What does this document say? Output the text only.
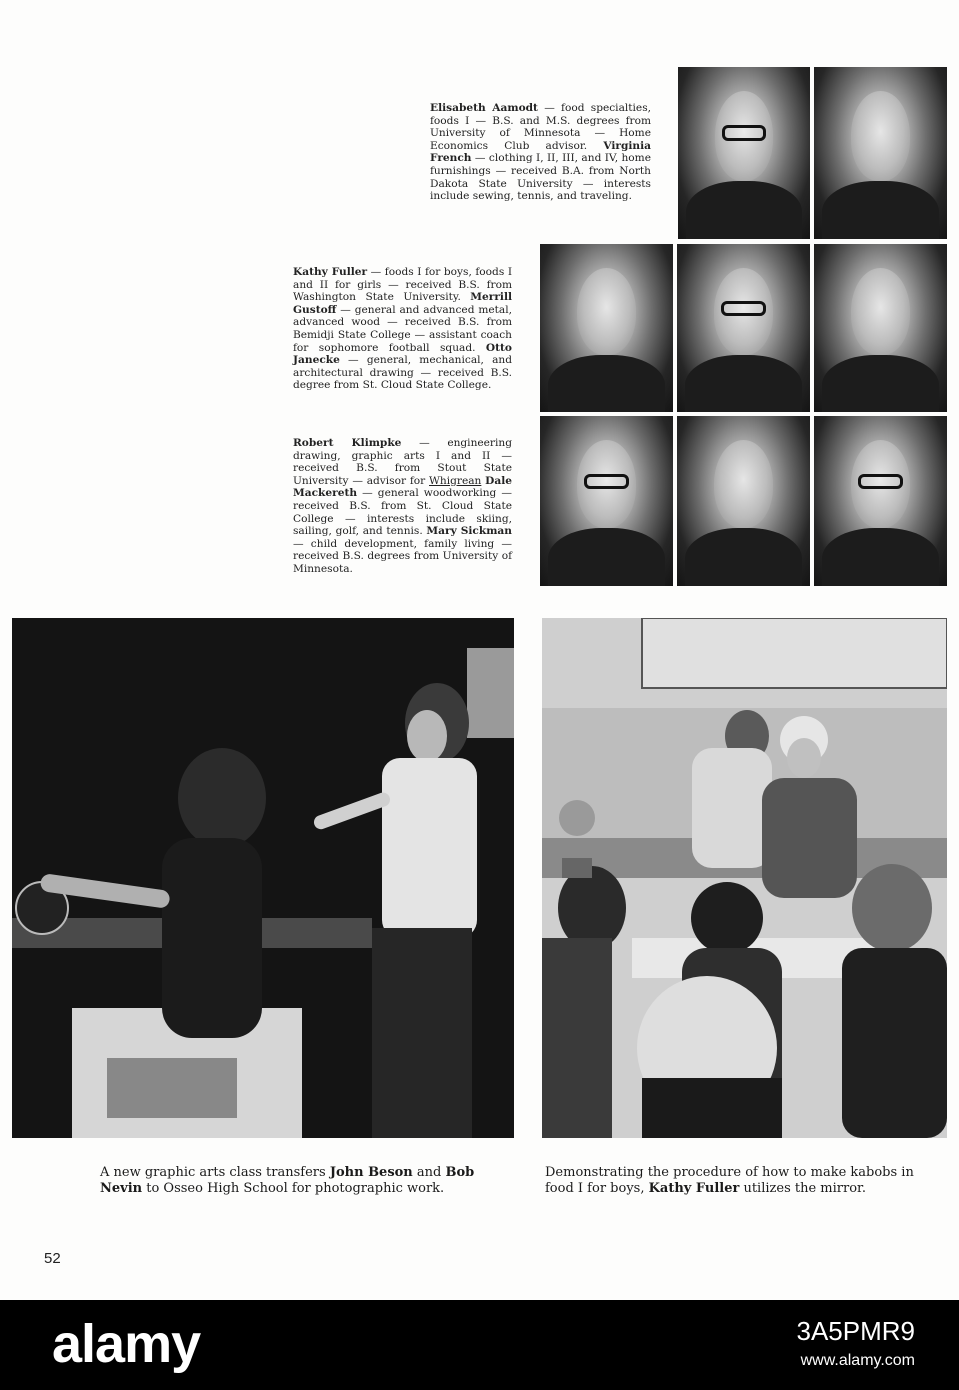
Elisabeth Aamodt — food specialties, foods I — B.S. and M.S. degrees from University of Minnesota — Home Economics Club advisor. Virginia French — clothing I, II, III, and IV, home furnishings — received B.A. from North Dakota State University — interests include sewing, tennis, and traveling.
Kathy Fuller — foods I for boys, foods I and II for girls — received B.S. from Washington State University. Merrill Gustoff — general and advanced metal, advanced wood — received B.S. from Bemidji State College — assistant coach for sophomore football squad. Otto Janecke — general, mechanical, and architectural drawing — received B.S. degree from St. Cloud State College.
Robert Klimpke — engineering drawing, graphic arts I and II — received B.S. from Stout State University — advisor for Whigrean Dale Mackereth — general woodworking — received B.S. from St. Cloud State College — interests include skiing, sailing, golf, and tennis. Mary Sickman — child development, family living — received B.S. degrees from University of Minnesota.
A new graphic arts class transfers John Beson and Bob Nevin to Osseo High School for photographic work.
Demonstrating the procedure of how to make kabobs in food I for boys, Kathy Fuller utilizes the mirror.
52
alamy	3A5PMR9
www.alamy.com
